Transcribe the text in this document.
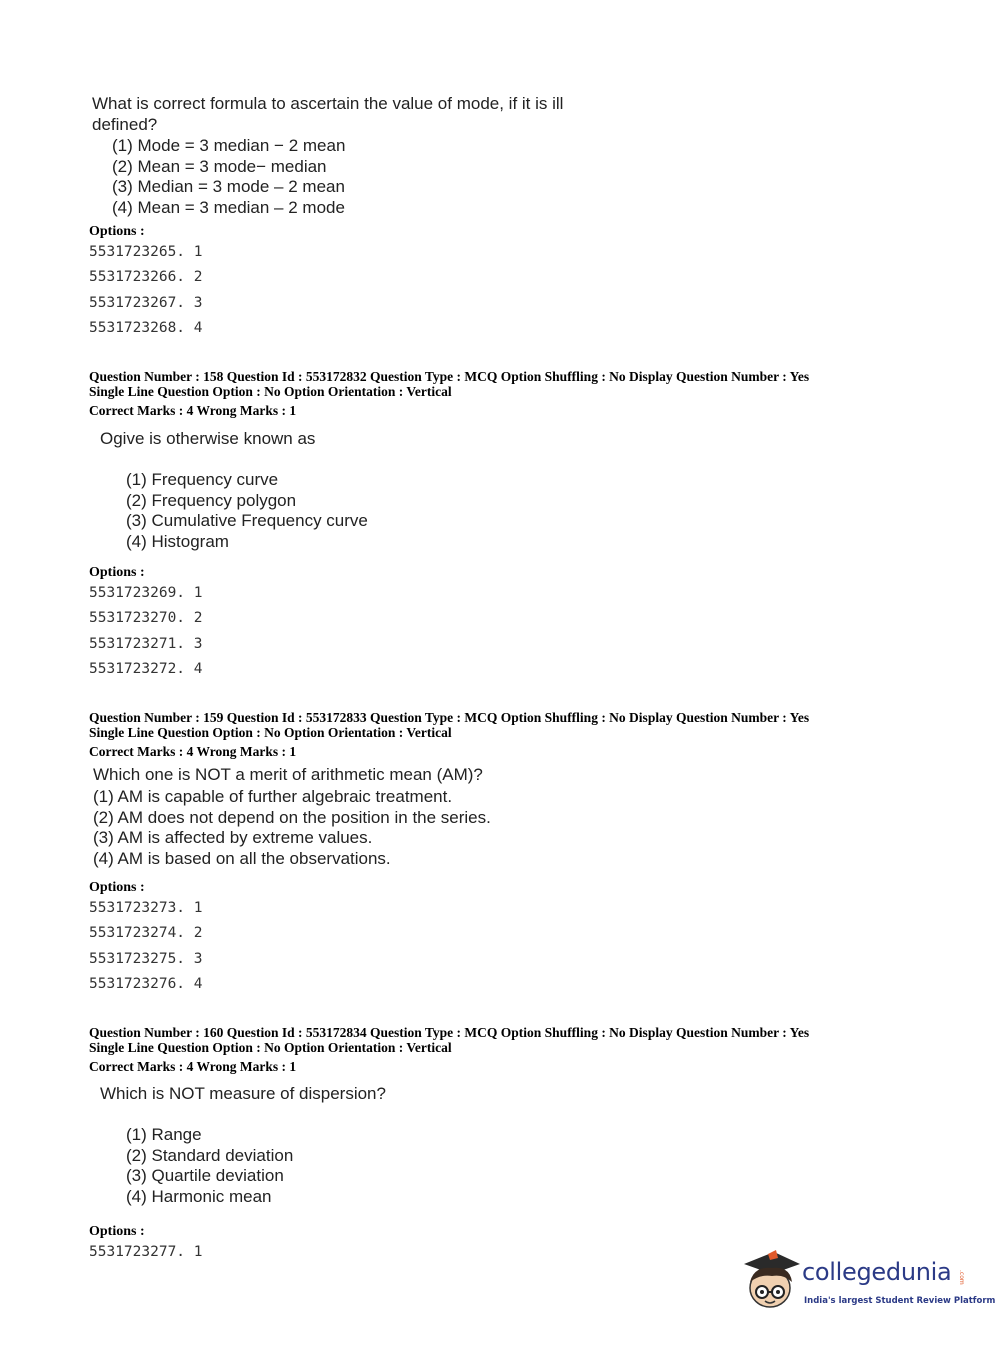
What is correct formula to ascertain the value of mode, if it is ill defined?

(1) Mode = 3 median − 2 mean
(2) Mean = 3 mode− median
(3) Median = 3 mode – 2 mean
(4) Mean = 3 median – 2 mode
Options :
5531723265. 1
5531723266. 2
5531723267. 3
5531723268. 4
Question Number : 158 Question Id : 553172832 Question Type : MCQ Option Shuffling : No Display Question Number : Yes
Single Line Question Option : No Option Orientation : Vertical
Correct Marks : 4 Wrong Marks : 1

Ogive is otherwise known as

(1) Frequency curve
(2) Frequency polygon
(3) Cumulative Frequency curve
(4) Histogram
Options :
5531723269. 1
5531723270. 2
5531723271. 3
5531723272. 4
Question Number : 159 Question Id : 553172833 Question Type : MCQ Option Shuffling : No Display Question Number : Yes
Single Line Question Option : No Option Orientation : Vertical
Correct Marks : 4 Wrong Marks : 1

Which one is NOT a merit of arithmetic mean (AM)?

(1) AM is capable of further algebraic treatment.
(2) AM does not depend on the position in the series.
(3) AM is affected by extreme values.
(4) AM is based on all the observations.
Options :
5531723273. 1
5531723274. 2
5531723275. 3
5531723276. 4
Question Number : 160 Question Id : 553172834 Question Type : MCQ Option Shuffling : No Display Question Number : Yes
Single Line Question Option : No Option Orientation : Vertical
Correct Marks : 4 Wrong Marks : 1

Which is NOT measure of dispersion?

(1) Range
(2) Standard deviation
(3) Quartile deviation
(4) Harmonic mean
Options :
5531723277. 1
collegedunia .com
India's largest Student Review Platform
